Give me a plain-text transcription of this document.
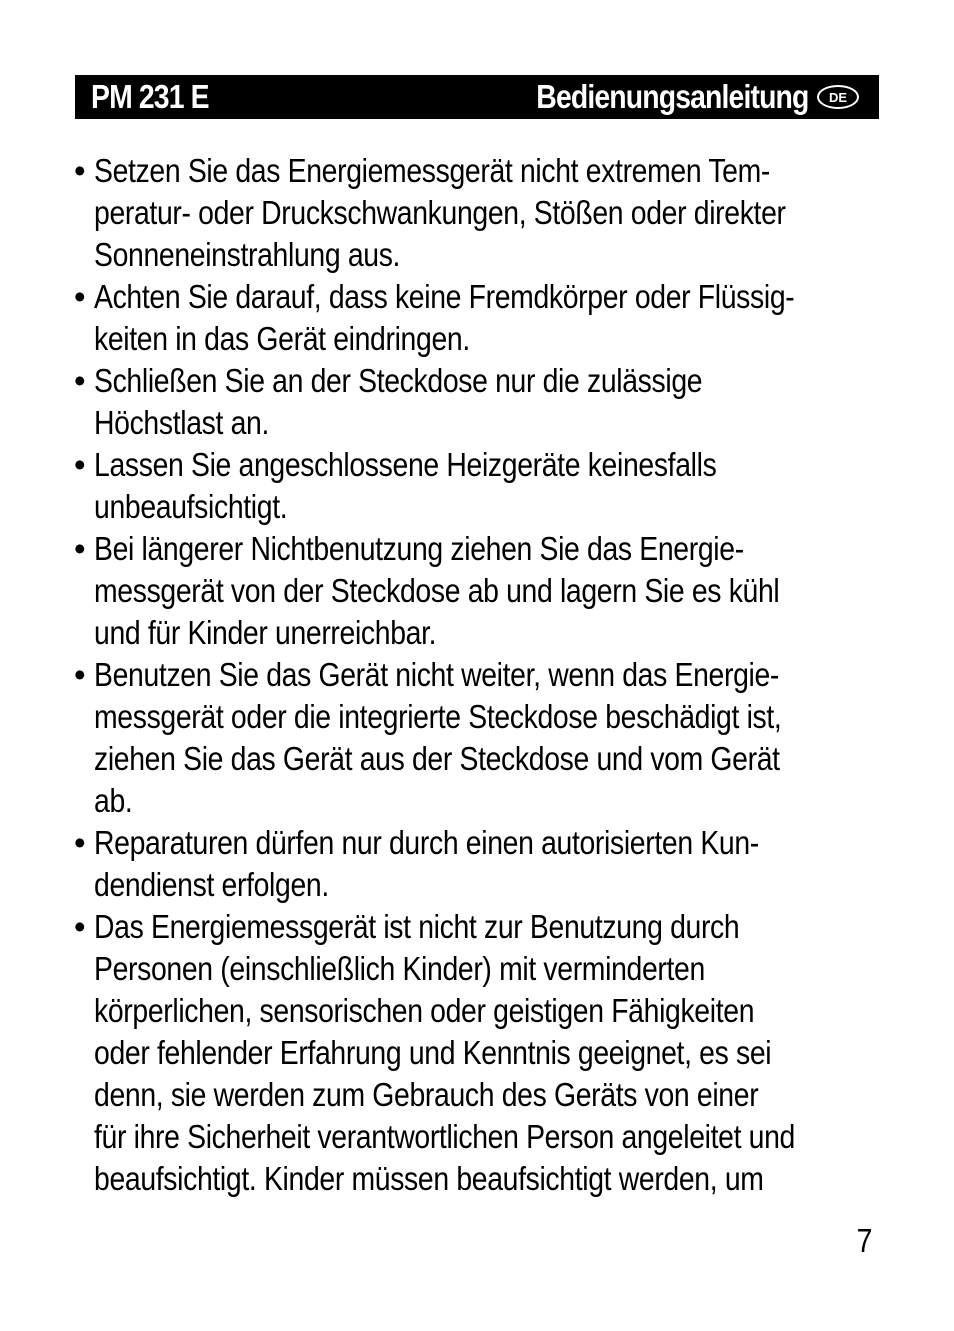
PM 231 E	Bedienungsanleitung	DE
• Setzen Sie das Energiemessgerät nicht extremen Tem-
peratur- oder Druckschwankungen, Stößen oder direkter
Sonneneinstrahlung aus.
• Achten Sie darauf, dass keine Fremdkörper oder Flüssig-
keiten in das Gerät eindringen.
• Schließen Sie an der Steckdose nur die zulässige
Höchstlast an.
• Lassen Sie angeschlossene Heizgeräte keinesfalls
unbeaufsichtigt.
• Bei längerer Nichtbenutzung ziehen Sie das Energie-
messgerät von der Steckdose ab und lagern Sie es kühl
und für Kinder unerreichbar.
• Benutzen Sie das Gerät nicht weiter, wenn das Energie-
messgerät oder die integrierte Steckdose beschädigt ist,
ziehen Sie das Gerät aus der Steckdose und vom Gerät
ab.
• Reparaturen dürfen nur durch einen autorisierten Kun-
dendienst erfolgen.
• Das Energiemessgerät ist nicht zur Benutzung durch
Personen (einschließlich Kinder) mit verminderten
körperlichen, sensorischen oder geistigen Fähigkeiten
oder fehlender Erfahrung und Kenntnis geeignet, es sei
denn, sie werden zum Gebrauch des Geräts von einer
für ihre Sicherheit verantwortlichen Person angeleitet und
beaufsichtigt. Kinder müssen beaufsichtigt werden, um
7
